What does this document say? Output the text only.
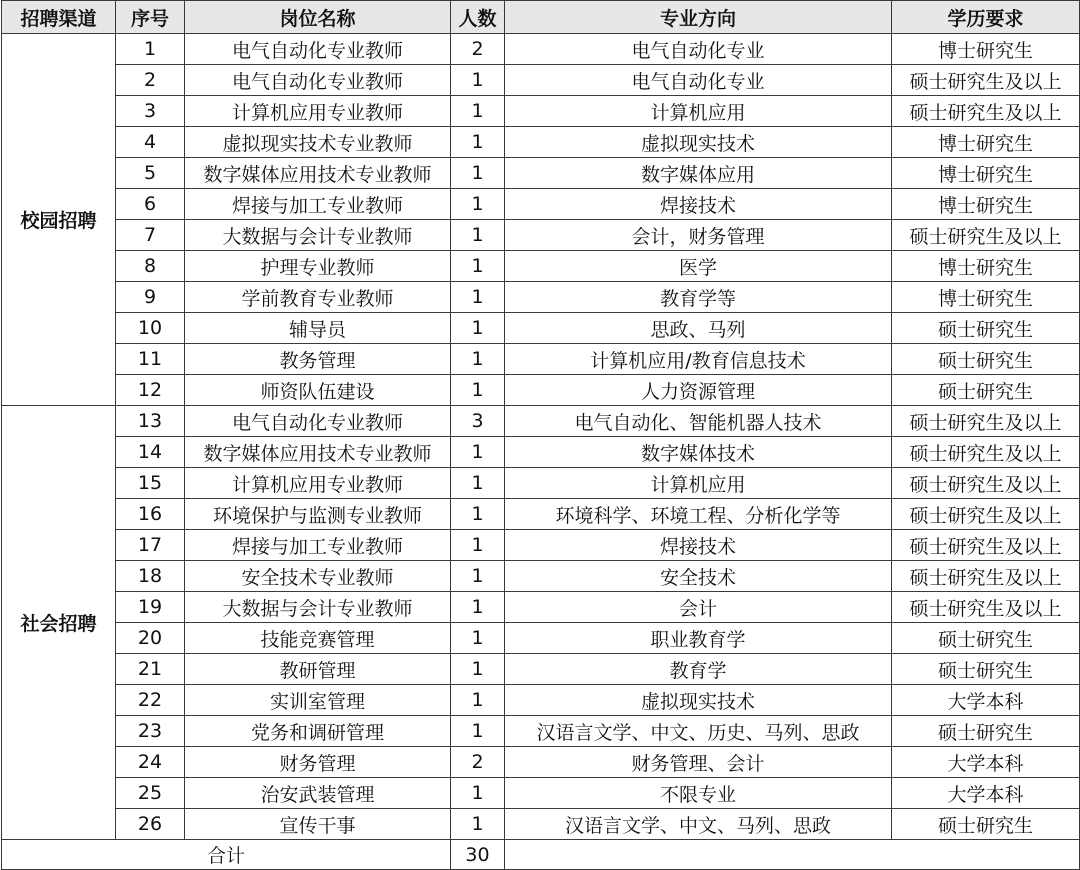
招聘渠道	序号	岗位名称	人数	专业方向	学历要求
校园招聘	1	电气自动化专业教师	2	电气自动化专业	博士研究生
	2	电气自动化专业教师	1	电气自动化专业	硕士研究生及以上
	3	计算机应用专业教师	1	计算机应用	硕士研究生及以上
	4	虚拟现实技术专业教师	1	虚拟现实技术	博士研究生
	5	数字媒体应用技术专业教师	1	数字媒体应用	博士研究生
	6	焊接与加工专业教师	1	焊接技术	博士研究生
	7	大数据与会计专业教师	1	会计，财务管理	硕士研究生及以上
	8	护理专业教师	1	医学	博士研究生
	9	学前教育专业教师	1	教育学等	博士研究生
	10	辅导员	1	思政、马列	硕士研究生
	11	教务管理	1	计算机应用/教育信息技术	硕士研究生
	12	师资队伍建设	1	人力资源管理	硕士研究生
社会招聘	13	电气自动化专业教师	3	电气自动化、智能机器人技术	硕士研究生及以上
	14	数字媒体应用技术专业教师	1	数字媒体技术	硕士研究生及以上
	15	计算机应用专业教师	1	计算机应用	硕士研究生及以上
	16	环境保护与监测专业教师	1	环境科学、环境工程、分析化学等	硕士研究生及以上
	17	焊接与加工专业教师	1	焊接技术	硕士研究生及以上
	18	安全技术专业教师	1	安全技术	硕士研究生及以上
	19	大数据与会计专业教师	1	会计	硕士研究生及以上
	20	技能竞赛管理	1	职业教育学	硕士研究生
	21	教研管理	1	教育学	硕士研究生
	22	实训室管理	1	虚拟现实技术	大学本科
	23	党务和调研管理	1	汉语言文学、中文、历史、马列、思政	硕士研究生
	24	财务管理	2	财务管理、会计	大学本科
	25	治安武装管理	1	不限专业	大学本科
	26	宣传干事	1	汉语言文学、中文、马列、思政	硕士研究生
合计			30		
